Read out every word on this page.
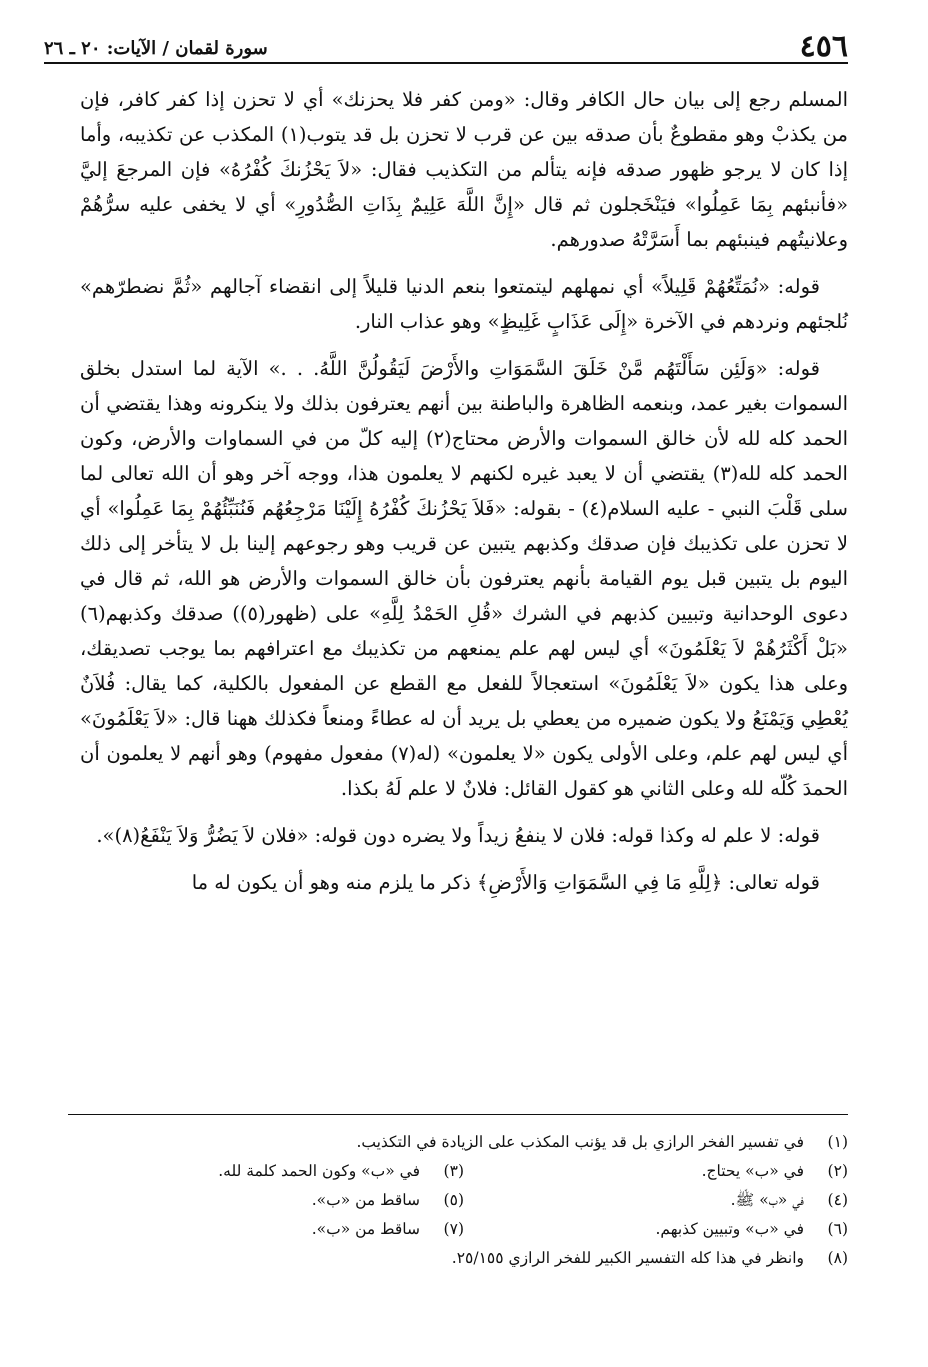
٤٥٦
سورة لقمان / الآيات: ٢٠ ـ ٢٦

المسلم رجع إلى بيان حال الكافر وقال: «ومن كفر فلا يحزنك» أي لا تحزن إذا كفر كافر، فإن من يكذبْ وهو مقطوعٌ بأن صدقه بين عن قرب لا تحزن بل قد يتوب(١) المكذب عن تكذيبه، وأما إذا كان لا يرجو ظهور صدقه فإنه يتألم من التكذيب فقال: «لاَ يَحْزُنكَ كُفْرُهُ» فإن المرجعَ إليَّ «فأنبئهم بِمَا عَمِلُوا» فيَنْخَجلون ثم قال «إِنَّ اللَّهَ عَلِيمٌ بِذَاتِ الصُّدُورِ» أي لا يخفى عليه سرُّهُمْ وعلانيتُهم فينبئهم بما أَسَرَّتْهُ صدورهم.

قوله: «نُمَتِّعُهُمْ قَلِيلاً» أي نمهلهم ليتمتعوا بنعم الدنيا قليلاً إلى انقضاء آجالهم «ثُمَّ نضطرّهم» نُلجئهم ونردهم في الآخرة «إِلَى عَذَابٍ غَلِيظٍ» وهو عذاب النار.

قوله: «وَلَئِن سَأَلْتَهُم مَّنْ خَلَقَ السَّمَوَاتِ والأَرْضَ لَيَقُولُنَّ اللَّهُ. . .» الآية لما استدل بخلق السموات بغير عمد، وبنعمه الظاهرة والباطنة بين أنهم يعترفون بذلك ولا ينكرونه وهذا يقتضي أن الحمد كله لله لأن خالق السموات والأرض محتاج(٢) إليه كلّ من في السماوات والأرض، وكون الحمد كله لله(٣) يقتضي أن لا يعبد غيره لكنهم لا يعلمون هذا، ووجه آخر وهو أن الله تعالى لما سلى قَلْبَ النبي - عليه السلام(٤) - بقوله: «فَلاَ يَحْزُنكَ كُفْرُهُ إِلَيْنَا مَرْجِعُهُم فَنُنَبِّئُهُمْ بِمَا عَمِلُوا» أي لا تحزن على تكذيبك فإن صدقك وكذبهم يتبين عن قريب وهو رجوعهم إلينا بل لا يتأخر إلى ذلك اليوم بل يتبين قبل يوم القيامة بأنهم يعترفون بأن خالق السموات والأرض هو الله، ثم قال في دعوى الوحدانية وتبيين كذبهم في الشرك «قُلِ الحَمْدُ لِلَّهِ» على (ظهور(٥)) صدقك وكذبهم(٦) «بَلْ أَكْثَرُهُمْ لاَ يَعْلَمُونَ» أي ليس لهم علم يمنعهم من تكذيبك مع اعترافهم بما يوجب تصديقك، وعلى هذا يكون «لاَ يَعْلَمُونَ» استعجالاً للفعل مع القطع عن المفعول بالكلية، كما يقال: فُلاَنٌ يُعْطِي وَيَمْنَعُ ولا يكون ضميره من يعطي بل يريد أن له عطاءً ومنعاً فكذلك ههنا قال: «لاَ يَعْلَمُونَ» أي ليس لهم علم، وعلى الأولى يكون «لا يعلمون» (له(٧) مفعول مفهوم) وهو أنهم لا يعلمون أن الحمدَ كُلّه لله وعلى الثاني هو كقول القائل: فلانٌ لا علم لَهُ بكذا.

قوله: لا علم له وكذا قوله: فلان لا ينفعُ زيداً ولا يضره دون قوله: «فلان لاَ يَضُرُّ وَلاَ يَنْفَعُ(٨)».

قوله تعالى: ﴿لِلَّهِ مَا فِي السَّمَوَاتِ وَالأَرْضِ﴾ ذكر ما يلزم منه وهو أن يكون له ما

(١)
في تفسير الفخر الرازي بل قد يؤنب المكذب على الزيادة في التكذيب.
(٢)
في «ب» يحتاج.
(٣)
في «ب» وكون الحمد كلمة لله.
(٤)
في «ب» ﷺ.
(٥)
ساقط من «ب».
(٦)
في «ب» وتبيين كذبهم.
(٧)
ساقط من «ب».
(٨)
وانظر في هذا كله التفسير الكبير للفخر الرازي ٢٥/١٥٥.
